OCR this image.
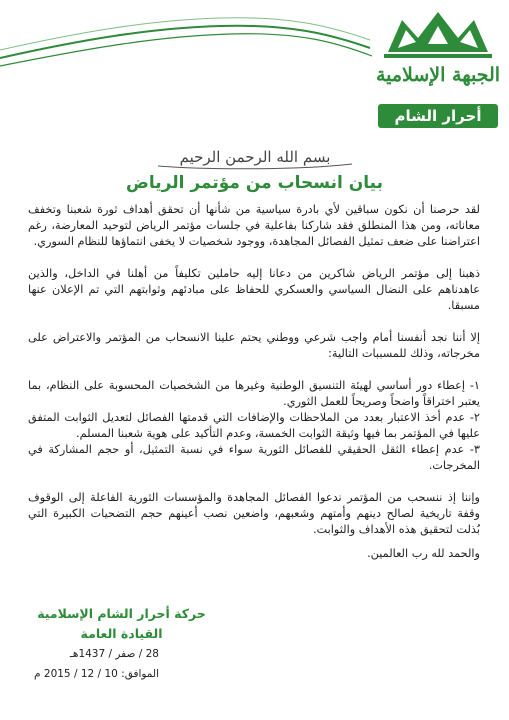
الجبهة الإسلامية
أحرار الشام
بسم الله الرحمن الرحيم
بيان انسحاب من مؤتمر الرياض

لقد حرصنا أن نكون سباقين لأي بادرة سياسية من شأنها أن تحقق أهداف ثورة شعبنا وتخفف معاناته، ومن هذا المنطلق فقد شاركنا بفاعلية في جلسات مؤتمر الرياض لتوحيد المعارضة، رغم اعتراضنا على ضعف تمثيل الفصائل المجاهدة، ووجود شخصيات لا يخفى انتماؤها للنظام السوري.

ذهبنا إلى مؤتمر الرياض شاكرين من دعانا إليه حاملين تكليفاً من أهلنا في الداخل، والذين عاهدناهم على النضال السياسي والعسكري للحفاظ على مبادئهم وثوابتهم التي تم الإعلان عنها مسبقا.

إلا أننا نجد أنفسنا أمام واجب شرعي ووطني يحتم علينا الانسحاب من المؤتمر والاعتراض على مخرجاته، وذلك للمسببات التالية:

١- إعطاء دور أساسي لهيئة التنسيق الوطنية وغيرها من الشخصيات المحسوبة على النظام، بما يعتبر اختراقاً واضحاً وصريحاً للعمل الثوري.

٢- عدم أخذ الاعتبار بعدد من الملاحظات والإضافات التي قدمتها الفصائل لتعديل الثوابت المتفق عليها في المؤتمر بما فيها وثيقة الثوابت الخمسة، وعدم التأكيد على هوية شعبنا المسلم.

٣- عدم إعطاء الثقل الحقيقي للفصائل الثورية سواء في نسبة التمثيل، أو حجم المشاركة في المخرجات.

وإننا إذ ننسحب من المؤتمر ندعوا الفصائل المجاهدة والمؤسسات الثورية الفاعلة إلى الوقوف وقفة تاريخية لصالح دينهم وأمتهم وشعبهم، واضعين نصب أعينهم حجم التضحيات الكبيرة التي بُذلت لتحقيق هذه الأهداف والثوابت.

والحمد لله رب العالمين.

حركة أحرار الشام الإسلامية
القيادة العامة
28 / صفر / 1437هـ
الموافق: 10 / 12 / 2015 م
